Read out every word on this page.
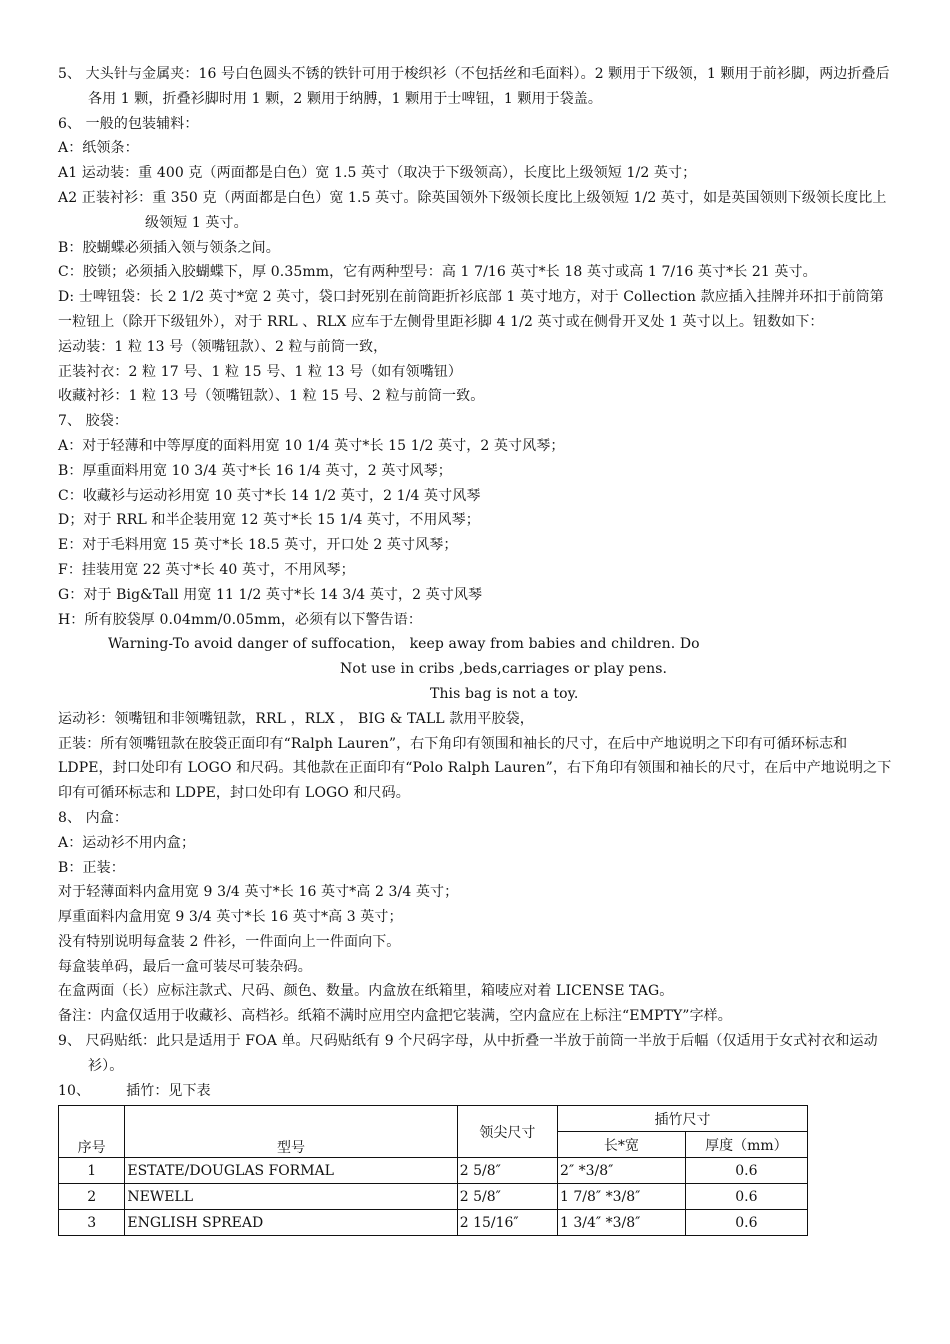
5、 大头针与金属夹：16 号白色圆头不锈的铁针可用于梭织衫（不包括丝和毛面料）。2 颗用于下级领，1 颗用于前衫脚，两边折叠后各用 1 颗，折叠衫脚时用 1 颗，2 颗用于纳膊，1 颗用于士啤钮，1 颗用于袋盖。

6、 一般的包装辅料：

A：纸领条：

A1 运动装：重 400 克（两面都是白色）宽 1.5 英寸（取决于下级领高），长度比上级领短 1/2 英寸；

A2 正装衬衫：重 350 克（两面都是白色）宽 1.5 英寸。除英国领外下级领长度比上级领短 1/2 英寸，如是英国领则下级领长度比上级领短 1 英寸。

B：胶蝴蝶必须插入领与领条之间。

C：胶锁；必须插入胶蝴蝶下，厚 0.35mm，它有两种型号：高 1 7/16 英寸*长 18 英寸或高 1 7/16 英寸*长 21 英寸。

D: 士啤钮袋：长 2 1/2 英寸*宽 2 英寸，袋口封死别在前筒距折衫底部 1 英寸地方，对于 Collection 款应插入挂牌并环扣于前筒第一粒钮上（除开下级钮外），对于 RRL 、RLX 应车于左侧骨里距衫脚 4 1/2 英寸或在侧骨开叉处 1 英寸以上。钮数如下：

运动装：1 粒 13 号（领嘴钮款）、2 粒与前筒一致，

正装衬衣：2 粒 17 号、1 粒 15 号、1 粒 13 号（如有领嘴钮）

收藏衬衫：1 粒 13 号（领嘴钮款）、1 粒 15 号、2 粒与前筒一致。

7、 胶袋：

A：对于轻薄和中等厚度的面料用宽 10 1/4 英寸*长 15 1/2 英寸，2 英寸风琴；

B：厚重面料用宽 10 3/4 英寸*长 16 1/4 英寸，2 英寸风琴；

C：收藏衫与运动衫用宽 10 英寸*长 14 1/2 英寸，2 1/4 英寸风琴

D；对于 RRL 和半企装用宽 12 英寸*长 15 1/4 英寸，不用风琴；

E：对于毛料用宽 15 英寸*长 18.5 英寸，开口处 2 英寸风琴；

F：挂装用宽 22 英寸*长 40 英寸，不用风琴；

G：对于 Big&Tall 用宽 11 1/2 英寸*长 14 3/4 英寸，2 英寸风琴

H：所有胶袋厚 0.04mm/0.05mm，必须有以下警告语：

Warning-To avoid danger of suffocation， keep away from babies and children. Do

Not use in cribs ,beds,carriages or play pens.

This bag is not a toy.

运动衫：领嘴钮和非领嘴钮款，RRL ，RLX ， BIG & TALL 款用平胶袋，

正装：所有领嘴钮款在胶袋正面印有“Ralph Lauren”，右下角印有领围和袖长的尺寸，在后中产地说明之下印有可循环标志和 LDPE，封口处印有 LOGO 和尺码。其他款在正面印有“Polo Ralph Lauren”，右下角印有领围和袖长的尺寸，在后中产地说明之下印有可循环标志和 LDPE，封口处印有 LOGO 和尺码。

8、 内盒：

A：运动衫不用内盒；

B：正装：

对于轻薄面料内盒用宽 9 3/4 英寸*长 16 英寸*高 2 3/4 英寸；

厚重面料内盒用宽 9 3/4 英寸*长 16 英寸*高 3 英寸；

没有特别说明每盒装 2 件衫，一件面向上一件面向下。

每盒装单码，最后一盒可装尽可装杂码。

在盒两面（长）应标注款式、尺码、颜色、数量。内盒放在纸箱里，箱唛应对着 LICENSE TAG。

备注：内盒仅适用于收藏衫、高档衫。纸箱不满时应用空内盒把它装满，空内盒应在上标注“EMPTY”字样。

9、 尺码贴纸：此只是适用于 FOA 单。尺码贴纸有 9 个尺码字母，从中折叠一半放于前筒一半放于后幅（仅适用于女式衬衣和运动衫）。

10、	插竹：见下表

序号	型号	领尖尺寸	插竹尺寸	
			长*宽	厚度（mm）
1	ESTATE/DOUGLAS FORMAL	2 5/8″	2″ *3/8″	0.6
2	NEWELL	2 5/8″	1 7/8″ *3/8″	0.6
3	ENGLISH SPREAD	2 15/16″	1 3/4″ *3/8″	0.6
